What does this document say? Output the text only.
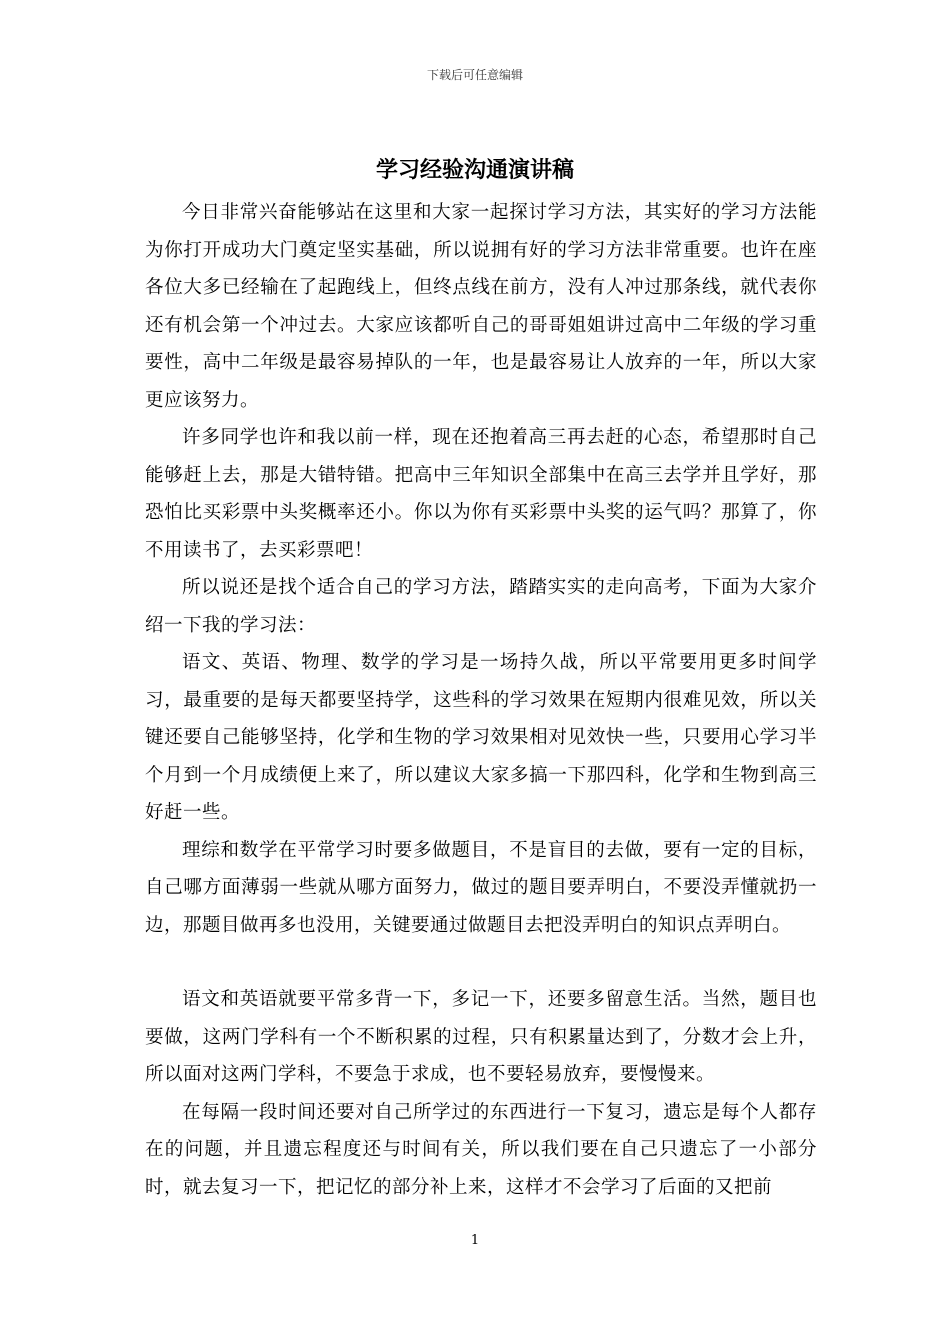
下载后可任意编辑
学习经验沟通演讲稿

今日非常兴奋能够站在这里和大家一起探讨学习方法，其实好的学习方法能为你打开成功大门奠定坚实基础，所以说拥有好的学习方法非常重要。也许在座各位大多已经输在了起跑线上，但终点线在前方，没有人冲过那条线，就代表你还有机会第一个冲过去。大家应该都听自己的哥哥姐姐讲过高中二年级的学习重要性，高中二年级是最容易掉队的一年，也是最容易让人放弃的一年，所以大家更应该努力。

许多同学也许和我以前一样，现在还抱着高三再去赶的心态，希望那时自己能够赶上去，那是大错特错。把高中三年知识全部集中在高三去学并且学好，那恐怕比买彩票中头奖概率还小。你以为你有买彩票中头奖的运气吗？那算了，你不用读书了，去买彩票吧！

所以说还是找个适合自己的学习方法，踏踏实实的走向高考，下面为大家介绍一下我的学习法：

语文、英语、物理、数学的学习是一场持久战，所以平常要用更多时间学习，最重要的是每天都要坚持学，这些科的学习效果在短期内很难见效，所以关键还要自己能够坚持，化学和生物的学习效果相对见效快一些，只要用心学习半个月到一个月成绩便上来了，所以建议大家多搞一下那四科，化学和生物到高三好赶一些。

理综和数学在平常学习时要多做题目，不是盲目的去做，要有一定的目标，自己哪方面薄弱一些就从哪方面努力，做过的题目要弄明白，不要没弄懂就扔一边，那题目做再多也没用，关键要通过做题目去把没弄明白的知识点弄明白。

语文和英语就要平常多背一下，多记一下，还要多留意生活。当然，题目也要做，这两门学科有一个不断积累的过程，只有积累量达到了，分数才会上升，所以面对这两门学科，不要急于求成，也不要轻易放弃，要慢慢来。

在每隔一段时间还要对自己所学过的东西进行一下复习，遗忘是每个人都存在的问题，并且遗忘程度还与时间有关，所以我们要在自己只遗忘了一小部分时，就去复习一下，把记忆的部分补上来，这样才不会学习了后面的又把前

1
